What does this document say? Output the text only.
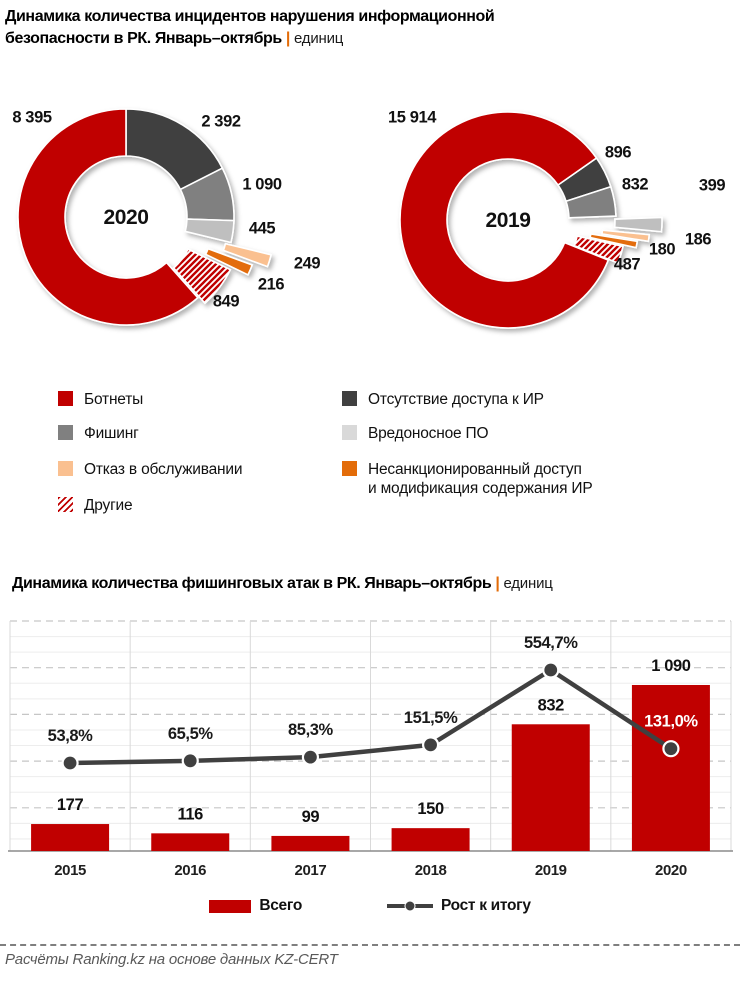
Динамика количества инцидентов нарушения информационной
безопасности в РК. Январь–октябрь | единиц
2 392
1 090
445
249
216
849
8 395
2020
896
832	399
186
180
487
15 914
2019
Ботнеты
Фишинг
Отказ в обслуживании
Другие
Отсутствие доступа к ИР
Вредоносное ПО
Несанкционированный доступ
и модификация содержания ИР
Динамика количества фишинговых атак в РК. Январь–октябрь | единиц
177
116	99	150
832
1 090
53,8%	65,5%	85,3%
151,5%
554,7%
131,0%
2015	2016	2017	2018	2019	2020
Всего	Рост к итогу
Расчёты Ranking.kz на основе данных KZ-CERT
